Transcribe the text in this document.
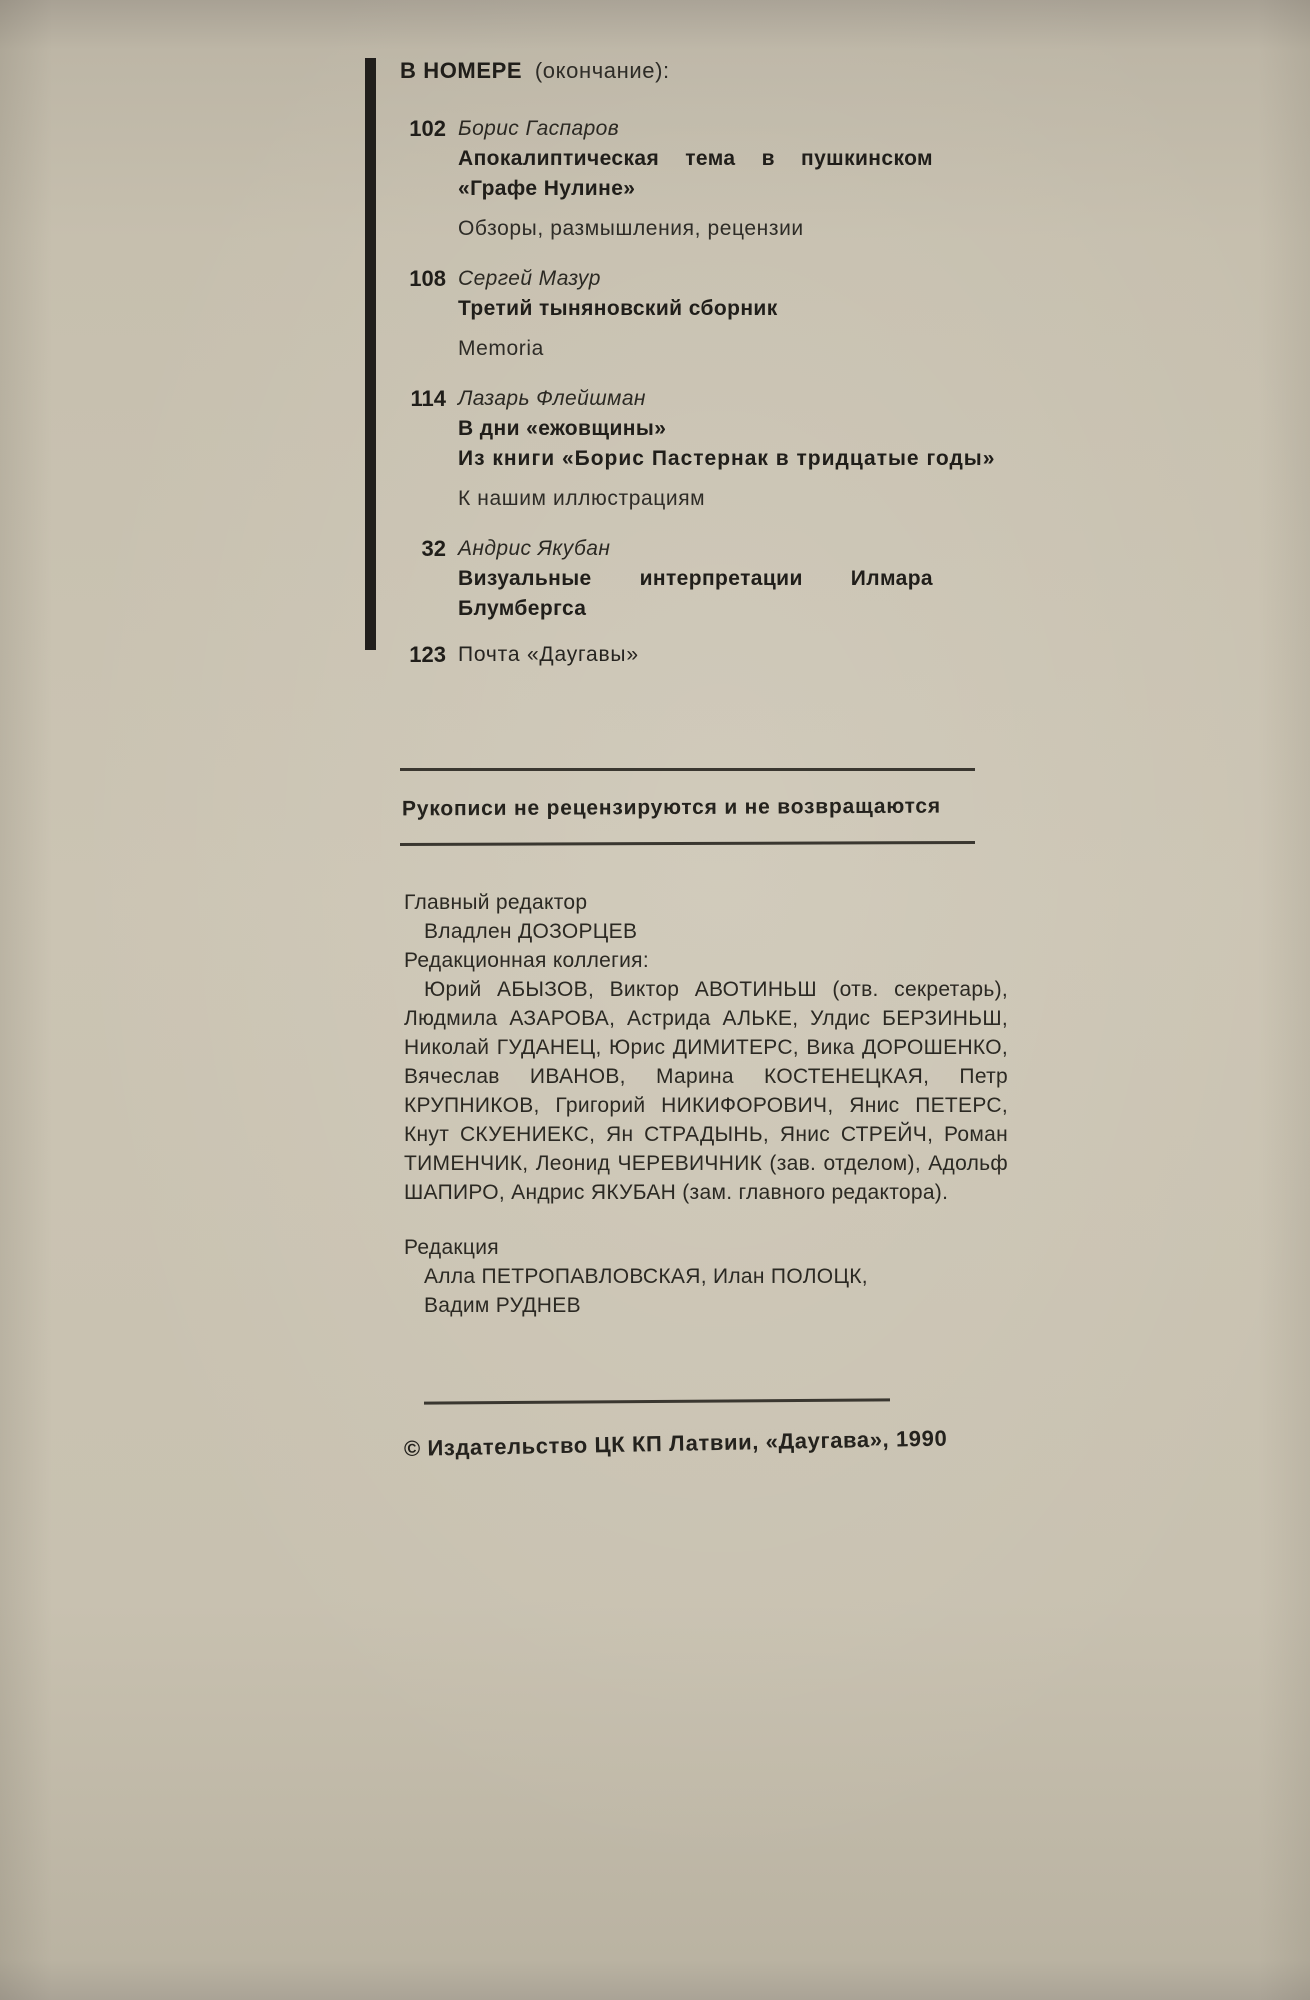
В НОМЕРЕ (окончание):
102 Борис Гаспаров
Апокалиптическая тема в пушкинском «Графе Нулине»
Обзоры, размышления, рецензии
108 Сергей Мазур
Третий тыняновский сборник
Memoria
114 Лазарь Флейшман
В дни «ежовщины»
Из книги «Борис Пастернак в тридцатые годы»
К нашим иллюстрациям
32 Андрис Якубан
Визуальные интерпретации Илмара Блумбергса
123 Почта «Даугавы»
Рукописи не рецензируются и не возвращаются
Главный редактор
Владлен ДОЗОРЦЕВ
Редакционная коллегия:
Юрий АБЫЗОВ, Виктор АВОТИНЬШ (отв. секретарь), Людмила АЗАРОВА, Астрида АЛЬКЕ, Улдис БЕРЗИНЬШ, Николай ГУДАНЕЦ, Юрис ДИМИТЕРС, Вика ДОРОШЕНКО, Вячеслав ИВАНОВ, Марина КОСТЕНЕЦКАЯ, Петр КРУПНИКОВ, Григорий НИКИФОРОВИЧ, Янис ПЕТЕРС, Кнут СКУЕНИЕКС, Ян СТРАДЫНЬ, Янис СТРЕЙЧ, Роман ТИМЕНЧИК, Леонид ЧЕРЕВИЧНИК (зав. отделом), Адольф ШАПИРО, Андрис ЯКУБАН (зам. главного редактора).
Редакция
Алла ПЕТРОПАВЛОВСКАЯ, Илан ПОЛОЦК,
Вадим РУДНЕВ
© Издательство ЦК КП Латвии, «Даугава», 1990
